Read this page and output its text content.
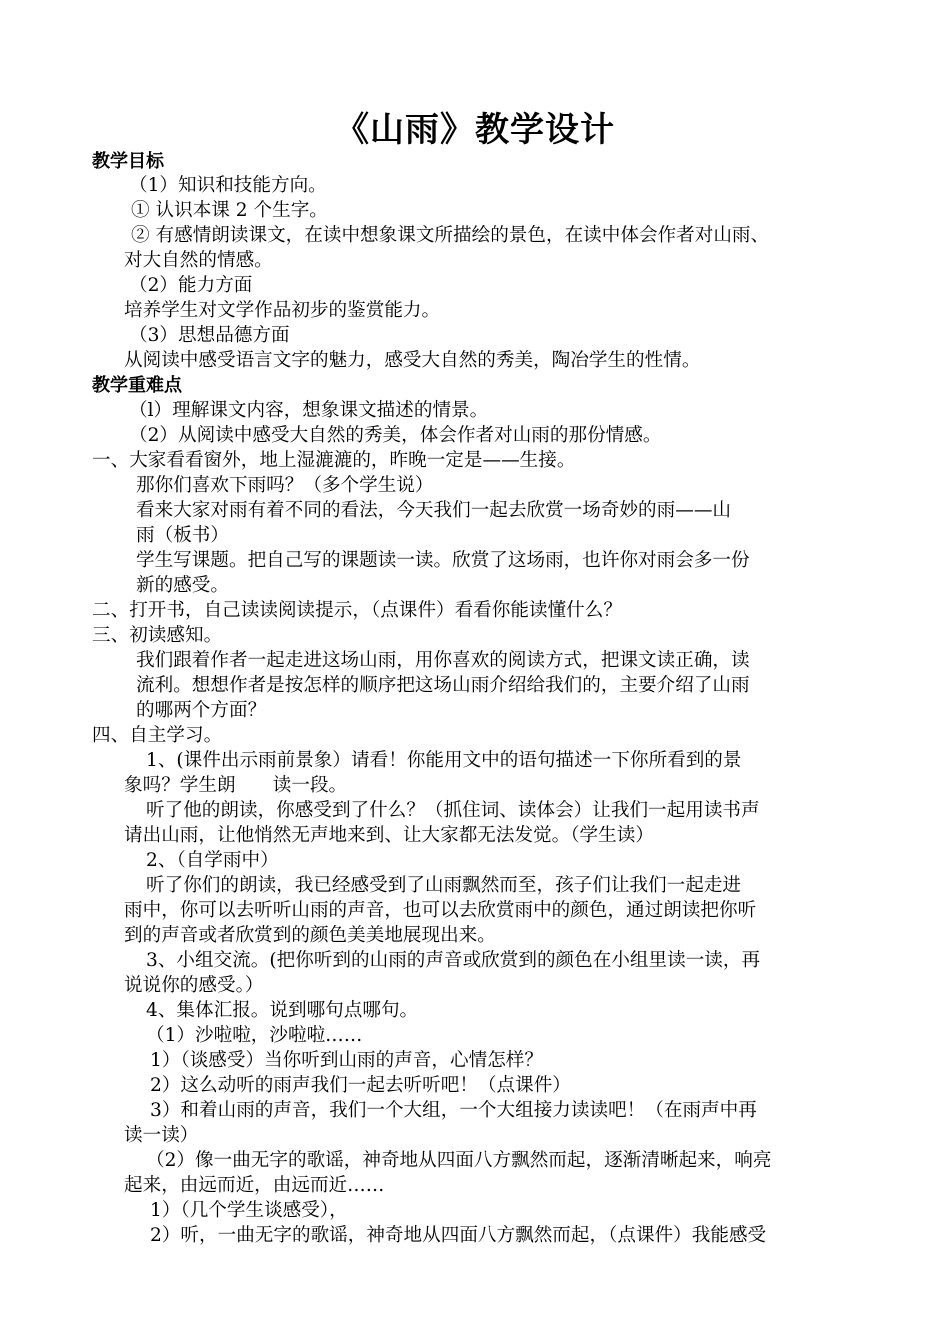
《山雨》教学设计
教学目标
（1）知识和技能方向。
① 认识本课 2 个生字。
② 有感情朗读课文，在读中想象课文所描绘的景色，在读中体会作者对山雨、
对大自然的情感。
（2）能力方面
培养学生对文学作品初步的鉴赏能力。
（3）思想品德方面
从阅读中感受语言文字的魅力，感受大自然的秀美，陶冶学生的性情。
教学重难点
（l）理解课文内容，想象课文描述的情景。
（2）从阅读中感受大自然的秀美，体会作者对山雨的那份情感。
一、大家看看窗外，地上湿漉漉的，昨晚一定是——生接。
那你们喜欢下雨吗？（多个学生说）
看来大家对雨有着不同的看法，今天我们一起去欣赏一场奇妙的雨——山
雨（板书）
学生写课题。把自己写的课题读一读。欣赏了这场雨，也许你对雨会多一份
新的感受。
二、打开书，自己读读阅读提示，（点课件）看看你能读懂什么？
三、初读感知。
我们跟着作者一起走进这场山雨，用你喜欢的阅读方式，把课文读正确，读
流利。想想作者是按怎样的顺序把这场山雨介绍给我们的，主要介绍了山雨
的哪两个方面？
四、自主学习。
1、(课件出示雨前景象）请看！你能用文中的语句描述一下你所看到的景
象吗？学生朗　　读一段。
听了他的朗读，你感受到了什么？（抓住词、读体会）让我们一起用读书声
请出山雨，让他悄然无声地来到、让大家都无法发觉。（学生读）
2、（自学雨中）
听了你们的朗读，我已经感受到了山雨飘然而至，孩子们让我们一起走进
雨中，你可以去听听山雨的声音，也可以去欣赏雨中的颜色，通过朗读把你听
到的声音或者欣赏到的颜色美美地展现出来。
3、小组交流。(把你听到的山雨的声音或欣赏到的颜色在小组里读一读，再
说说你的感受。）
4、集体汇报。说到哪句点哪句。
（1）沙啦啦，沙啦啦……
1）（谈感受）当你听到山雨的声音，心情怎样？
2）这么动听的雨声我们一起去听听吧！（点课件）
3）和着山雨的声音，我们一个大组，一个大组接力读读吧！（在雨声中再
读一读）
（2）像一曲无字的歌谣，神奇地从四面八方飘然而起，逐渐清晰起来，响亮
起来，由远而近，由远而近……
1）（几个学生谈感受），
2）听，一曲无字的歌谣，神奇地从四面八方飘然而起，（点课件）我能感受
